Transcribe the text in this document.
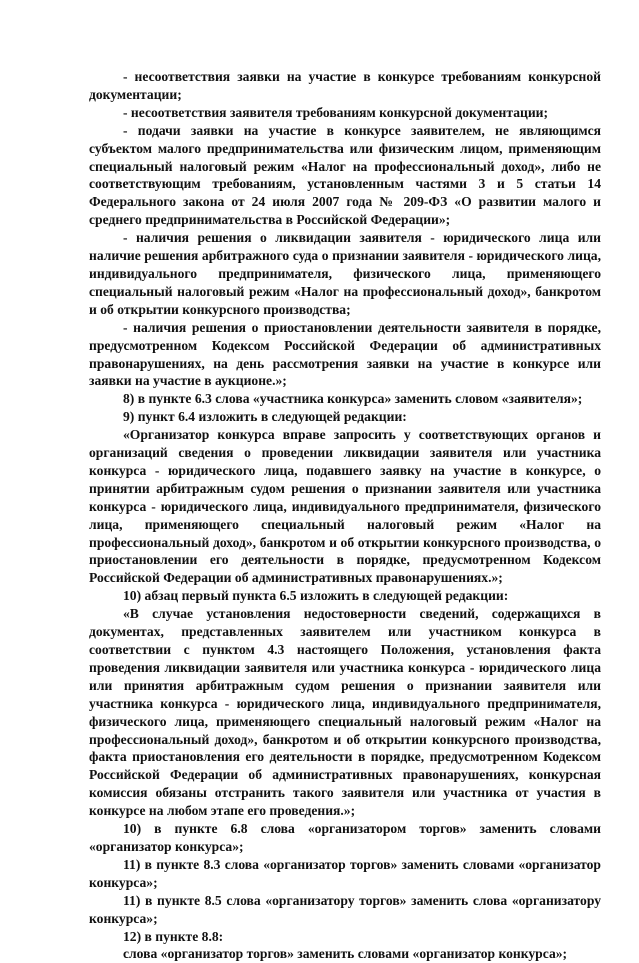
- несоответствия заявки на участие в конкурсе требованиям конкурсной документации;

- несоответствия заявителя требованиям конкурсной документации;

- подачи заявки на участие в конкурсе заявителем, не являющимся субъектом малого предпринимательства или физическим лицом, применяющим специальный налоговый режим «Налог на профессиональный доход», либо не соответствующим требованиям, установленным частями 3 и 5 статьи 14 Федерального закона от 24 июля 2007 года № 209-ФЗ «О развитии малого и среднего предпринимательства в Российской Федерации»;

- наличия решения о ликвидации заявителя - юридического лица или наличие решения арбитражного суда о признании заявителя - юридического лица, индивидуального предпринимателя, физического лица, применяющего специальный налоговый режим «Налог на профессиональный доход», банкротом и об открытии конкурсного производства;

- наличия решения о приостановлении деятельности заявителя в порядке, предусмотренном Кодексом Российской Федерации об административных правонарушениях, на день рассмотрения заявки на участие в конкурсе или заявки на участие в аукционе.»;

8) в пункте 6.3 слова «участника конкурса» заменить словом «заявителя»;

9) пункт 6.4 изложить в следующей редакции:

«Организатор конкурса вправе запросить у соответствующих органов и организаций сведения о проведении ликвидации заявителя или участника конкурса - юридического лица, подавшего заявку на участие в конкурсе, о принятии арбитражным судом решения о признании заявителя или участника конкурса - юридического лица, индивидуального предпринимателя, физического лица, применяющего специальный налоговый режим «Налог на профессиональный доход», банкротом и об открытии конкурсного производства, о приостановлении его деятельности в порядке, предусмотренном Кодексом Российской Федерации об административных правонарушениях.»;

10) абзац первый пункта 6.5 изложить в следующей редакции:

«В случае установления недостоверности сведений, содержащихся в документах, представленных заявителем или участником конкурса в соответствии с пунктом 4.3 настоящего Положения, установления факта проведения ликвидации заявителя или участника конкурса - юридического лица или принятия арбитражным судом решения о признании заявителя или участника конкурса - юридического лица, индивидуального предпринимателя, физического лица, применяющего специальный налоговый режим «Налог на профессиональный доход», банкротом и об открытии конкурсного производства, факта приостановления его деятельности в порядке, предусмотренном Кодексом Российской Федерации об административных правонарушениях, конкурсная комиссия обязаны отстранить такого заявителя или участника от участия в конкурсе на любом этапе его проведения.»;

10) в пункте 6.8 слова «организатором торгов» заменить словами «организатор конкурса»;

11) в пункте 8.3 слова «организатор торгов» заменить словами «организатор конкурса»;

11) в пункте 8.5 слова «организатору торгов» заменить слова «организатору конкурса»;

12) в пункте 8.8:

слова «организатор торгов» заменить словами «организатор конкурса»;
